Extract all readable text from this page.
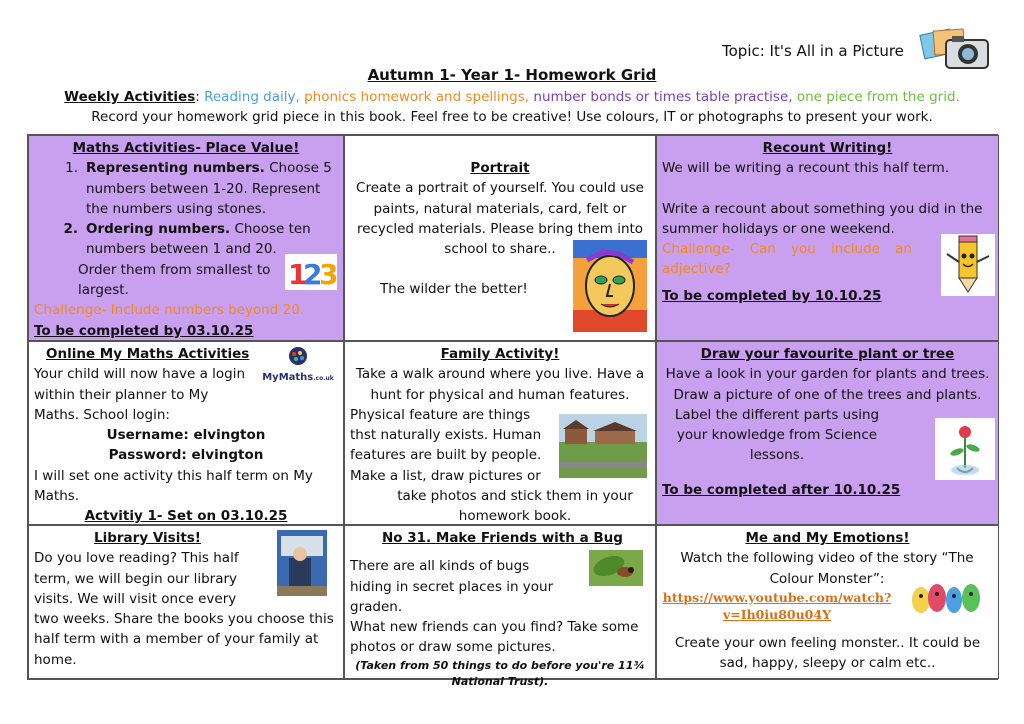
Topic: It's All in a Picture
Autumn 1- Year 1- Homework Grid
Weekly Activities: Reading daily, phonics homework and spellings, number bonds or times table practise, one piece from the grid.
Record your homework grid piece in this book. Feel free to be creative! Use colours, IT or photographs to present your work.
Maths Activities- Place Value!
1. Representing numbers. Choose 5 numbers between 1-20. Represent the numbers using stones.
2. Ordering numbers. Choose ten numbers between 1 and 20.
Order them from smallest to largest.
Challenge- Include numbers beyond 20.
To be completed by 03.10.25
1
2
3
Portrait
Create a portrait of yourself. You could use paints, natural materials, card, felt or recycled materials. Please bring them into school to share..
The wilder the better!
Recount Writing!
We will be writing a recount this half term.
Write a recount about something you did in the summer holidays or one weekend.
Challenge- Can you include an adjective?
To be completed by 10.10.25
Online My Maths Activities
Your child will now have a login within their planner to My Maths. School login:
Username: elvington
Password: elvington
I will set one activity this half term on My Maths.
Actvitiy 1- Set on 03.10.25
MyMaths.co.uk
Family Activity!
Take a walk around where you live. Have a hunt for physical and human features.
Physical feature are things thst naturally exists. Human features are built by people. Make a list, draw pictures or
take photos and stick them in your homework book.
Draw your favourite plant or tree
Have a look in your garden for plants and trees. Draw a picture of one of the trees and plants.
Label the different parts using your knowledge from Science lessons.
To be completed after 10.10.25
Library Visits!
Do you love reading? This half term, we will begin our library visits. We will visit once every
two weeks. Share the books you choose this half term with a member of your family at home.
No 31. Make Friends with a Bug
There are all kinds of bugs hiding in secret places in your graden.
What new friends can you find? Take some photos or draw some pictures.
(Taken from 50 things to do before you're 11¾ National Trust).
Me and My Emotions!
Watch the following video of the story “The Colour Monster”:
https://www.youtube.com/watch?v=Ih0iu80u04Y
Create your own feeling monster.. It could be sad, happy, sleepy or calm etc..
